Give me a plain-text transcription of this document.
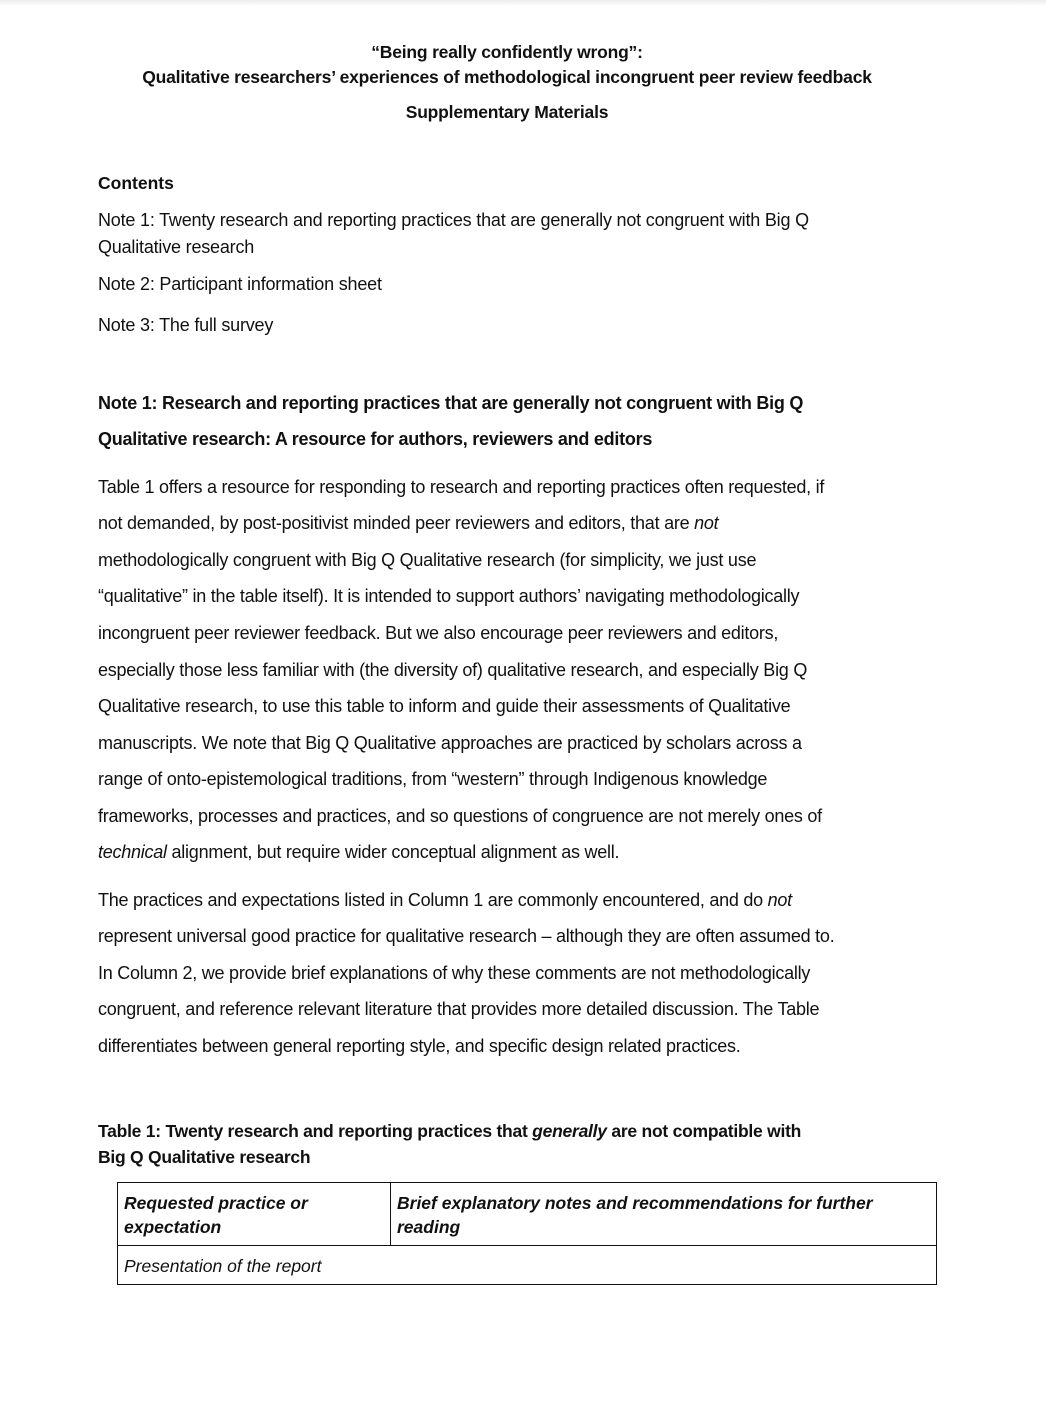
“Being really confidently wrong”:
Qualitative researchers’ experiences of methodological incongruent peer review feedback
Supplementary Materials
Contents
Note 1: Twenty research and reporting practices that are generally not congruent with Big Q
Qualitative research
Note 2: Participant information sheet
Note 3: The full survey
Note 1: Research and reporting practices that are generally not congruent with Big Q
Qualitative research: A resource for authors, reviewers and editors
Table 1 offers a resource for responding to research and reporting practices often requested, if
not demanded, by post-positivist minded peer reviewers and editors, that are not
methodologically congruent with Big Q Qualitative research (for simplicity, we just use
“qualitative” in the table itself). It is intended to support authors’ navigating methodologically
incongruent peer reviewer feedback. But we also encourage peer reviewers and editors,
especially those less familiar with (the diversity of) qualitative research, and especially Big Q
Qualitative research, to use this table to inform and guide their assessments of Qualitative
manuscripts. We note that Big Q Qualitative approaches are practiced by scholars across a
range of onto-epistemological traditions, from “western” through Indigenous knowledge
frameworks, processes and practices, and so questions of congruence are not merely ones of
technical alignment, but require wider conceptual alignment as well.
The practices and expectations listed in Column 1 are commonly encountered, and do not
represent universal good practice for qualitative research – although they are often assumed to.
In Column 2, we provide brief explanations of why these comments are not methodologically
congruent, and reference relevant literature that provides more detailed discussion. The Table
differentiates between general reporting style, and specific design related practices.
Table 1: Twenty research and reporting practices that generally are not compatible with
Big Q Qualitative research
Requested practice or expectation	Brief explanatory notes and recommendations for further reading
Presentation of the report
